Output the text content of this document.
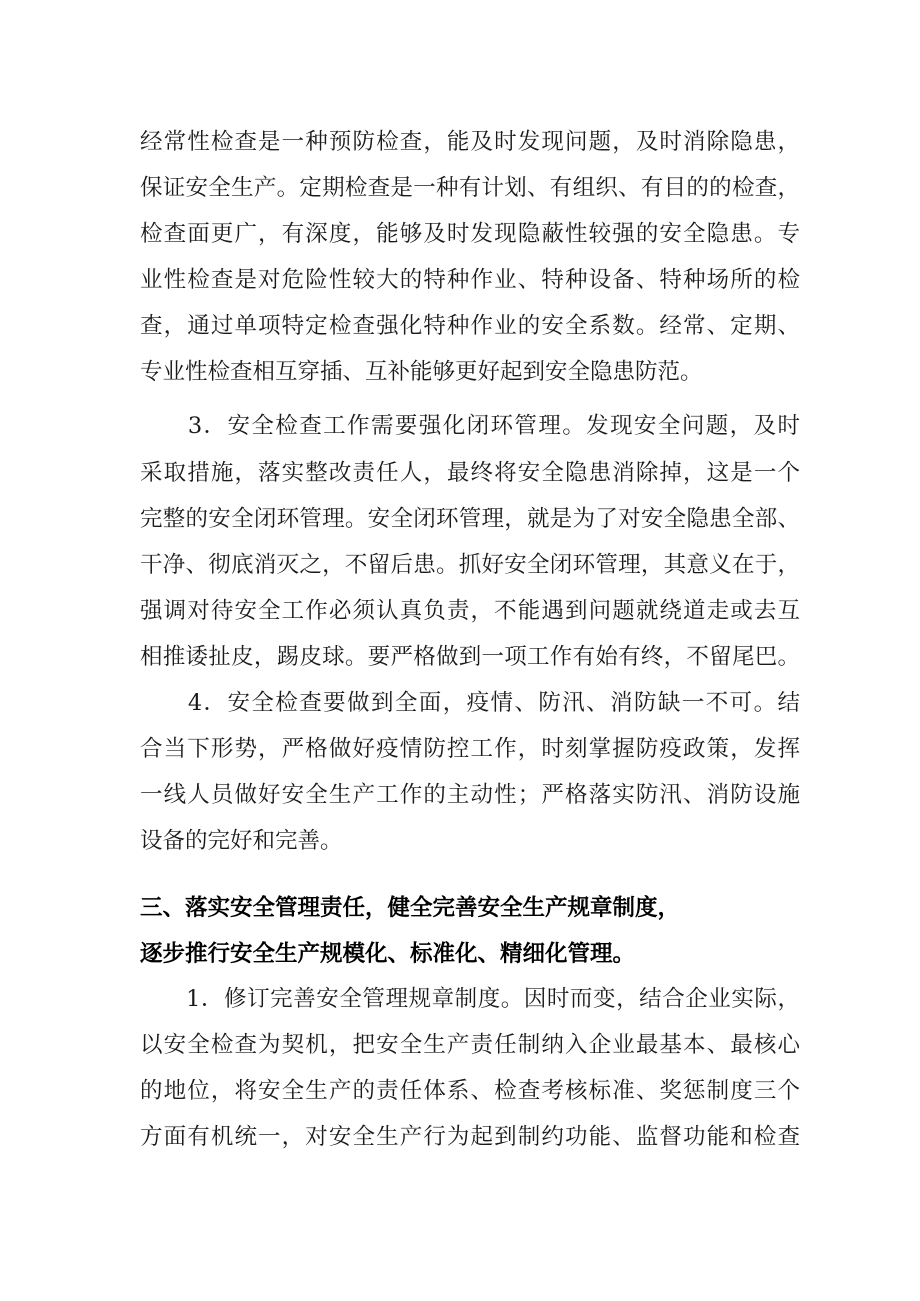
经常性检查是一种预防检查，能及时发现问题，及时消除隐患，
保证安全生产。定期检查是一种有计划、有组织、有目的的检查，
检查面更广，有深度，能够及时发现隐蔽性较强的安全隐患。专
业性检查是对危险性较大的特种作业、特种设备、特种场所的检
查，通过单项特定检查强化特种作业的安全系数。经常、定期、
专业性检查相互穿插、互补能够更好起到安全隐患防范。
　　3．安全检查工作需要强化闭环管理。发现安全问题，及时
采取措施，落实整改责任人，最终将安全隐患消除掉，这是一个
完整的安全闭环管理。安全闭环管理，就是为了对安全隐患全部、
干净、彻底消灭之，不留后患。抓好安全闭环管理，其意义在于，
强调对待安全工作必须认真负责，不能遇到问题就绕道走或去互
相推诿扯皮，踢皮球。要严格做到一项工作有始有终，不留尾巴。
　　4．安全检查要做到全面，疫情、防汛、消防缺一不可。结
合当下形势，严格做好疫情防控工作，时刻掌握防疫政策，发挥
一线人员做好安全生产工作的主动性；严格落实防汛、消防设施
设备的完好和完善。
三、落实安全管理责任，健全完善安全生产规章制度，
逐步推行安全生产规模化、标准化、精细化管理。
　　1．修订完善安全管理规章制度。因时而变，结合企业实际，
以安全检查为契机，把安全生产责任制纳入企业最基本、最核心
的地位，将安全生产的责任体系、检查考核标准、奖惩制度三个
方面有机统一，对安全生产行为起到制约功能、监督功能和检查
